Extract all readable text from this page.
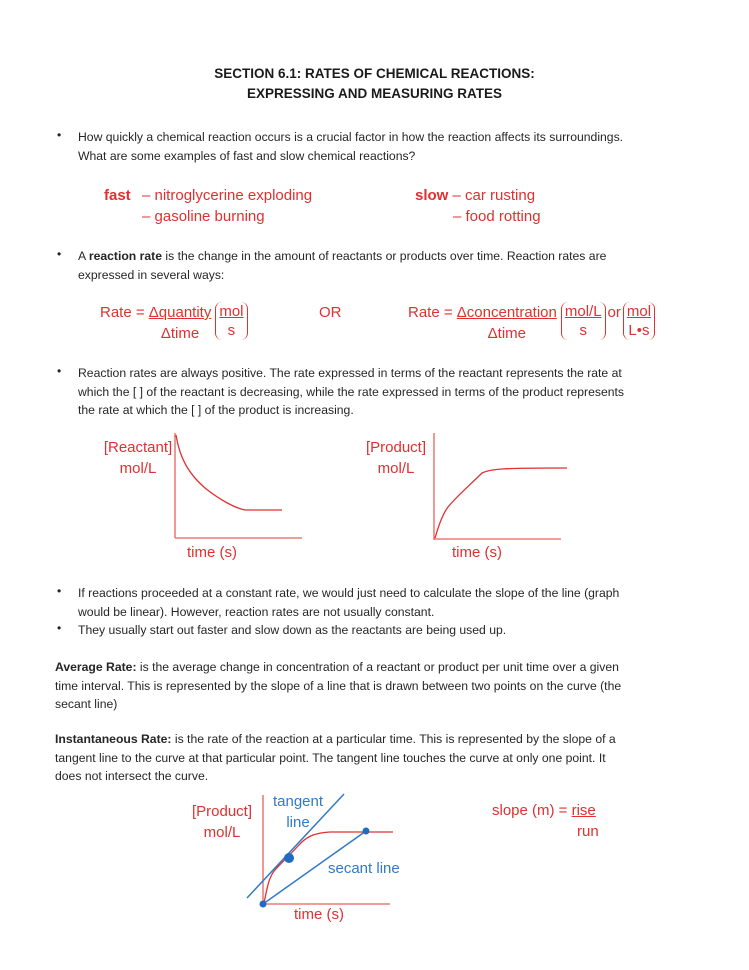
SECTION 6.1: RATES OF CHEMICAL REACTIONS:
EXPRESSING AND MEASURING RATES
• How quickly a chemical reaction occurs is a crucial factor in how the reaction affects its surroundings.
What are some examples of fast and slow chemical reactions?
fast – nitroglycerine exploding
– gasoline burning
slow – car rusting
– food rotting
• A reaction rate is the change in the amount of reactants or products over time. Reaction rates are
expressed in several ways:
Rate = Δquantity
Δtime
mol
s
OR	Rate = Δconcentration
Δtime
mol/L
s
or mol
L•s
• Reaction rates are always positive. The rate expressed in terms of the reactant represents the rate at
which the [ ] of the reactant is decreasing, while the rate expressed in terms of the product represents
the rate at which the [ ] of the product is increasing.
[Reactant]
mol/L
time (s)
[Product]
mol/L
time (s)
• If reactions proceeded at a constant rate, we would just need to calculate the slope of the line (graph
would be linear). However, reaction rates are not usually constant.
• They usually start out faster and slow down as the reactants are being used up.
Average Rate: is the average change in concentration of a reactant or product per unit time over a given
time interval. This is represented by the slope of a line that is drawn between two points on the curve (the
secant line)
Instantaneous Rate: is the rate of the reaction at a particular time. This is represented by the slope of a
tangent line to the curve at that particular point. The tangent line touches the curve at only one point. It
does not intersect the curve.
[Product]
mol/L
tangent
line
secant line
time (s)
slope (m) = rise
run
